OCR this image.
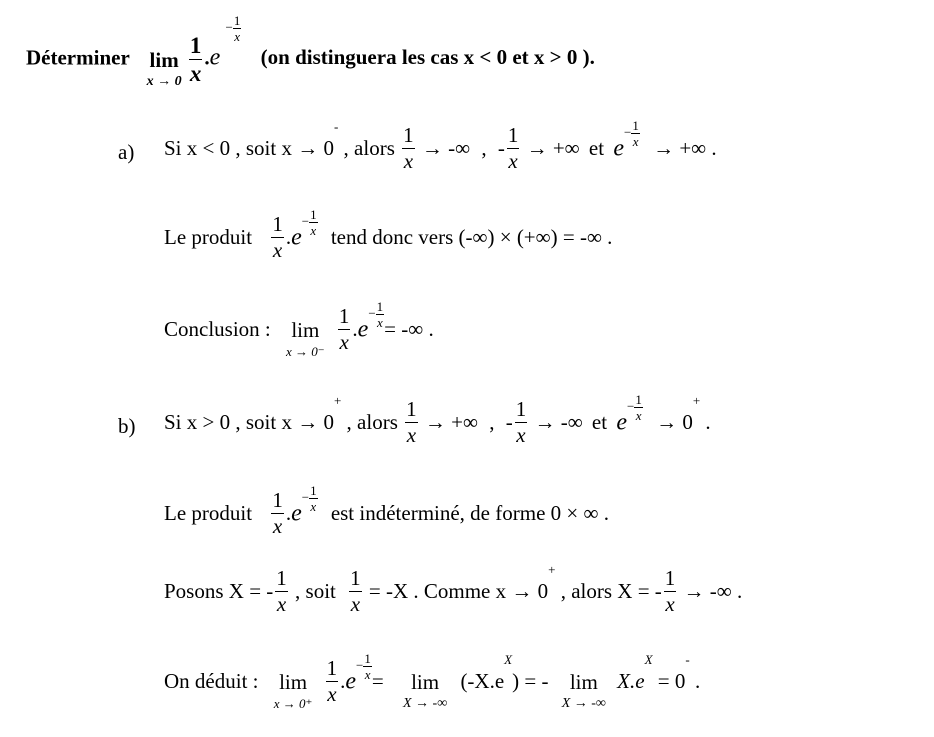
Déterminer lim
x → 0
$\frac{1}{x} .e - \frac{1}{x}$
(on distinguera les cas x < 0 et x > 0 ).
a) Si x < 0 , soit x → 0- , alors $\frac{1}{x}$ → -∞ , - $\frac{1}{x}$ → +∞ et $e- \frac{1}{x}$ → +∞ .
Le produit $\frac{1}{x} .e- \frac{1}{x}$ tend donc vers (-∞) × (+∞) = -∞ .
Conclusion : lim
x → 0⁻
$\frac{1}{x} .e- \frac{1}{x}$ = -∞ .
b) Si x > 0 , soit x → 0+ , alors $\frac{1}{x}$ → +∞ , - $\frac{1}{x}$ → -∞ et $e- \frac{1}{x} \to 0^+$ .
Le produit $\frac{1}{x} .e- \frac{1}{x}$ est indéterminé, de forme 0 × ∞ .
Posons X = - $\frac{1}{x}$ , soit $\frac{1}{x} = -X$ . Comme x → 0+ , alors X = - $\frac{1}{x}$ → -∞ .
On déduit : lim
x → 0⁺
$\frac{1}{x} .e- \frac{1}{x}$ =	lim
X → -∞
$(-X.e^X)$ = -	lim
X → -∞
$X.e^X = 0^-$ .
